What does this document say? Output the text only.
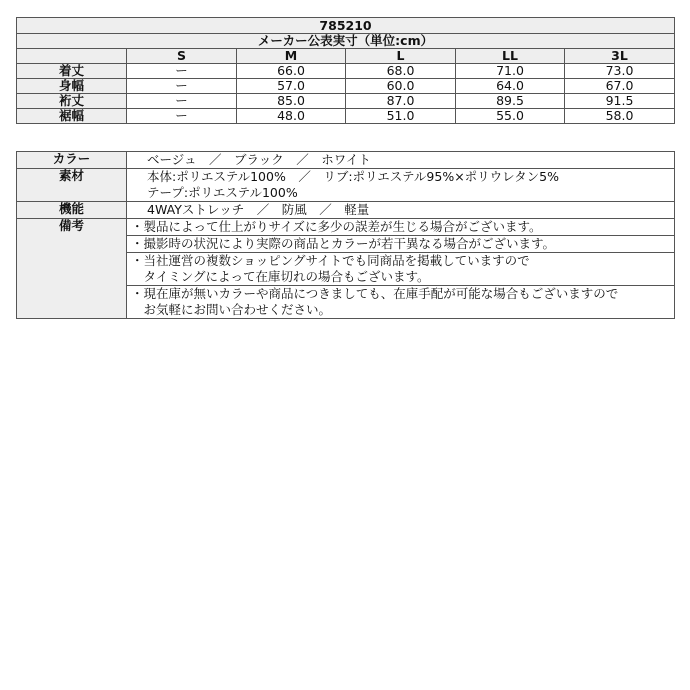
785210					
メーカー公表実寸（単位:cm）					
	S	M	L	LL	3L
着丈	ー	66.0	68.0	71.0	73.0
身幅	ー	57.0	60.0	64.0	67.0
裄丈	ー	85.0	87.0	89.5	91.5
裾幅	ー	48.0	51.0	55.0	58.0
カラー	ベージュ　／　ブラック　／　ホワイト

素材	本体:ポリエステル100%　／　リブ:ポリエステル95%×ポリウレタン5%
テープ:ポリエステル100%

機能	4WAYストレッチ　／　防風　／　軽量

備考	・製品によって仕上がりサイズに多少の誤差が生じる場合がございます。

	・撮影時の状況により実際の商品とカラーが若干異なる場合がございます。

	・当社運営の複数ショッピングサイトでも同商品を掲載していますので
　タイミングによって在庫切れの場合もございます。

	・現在庫が無いカラーや商品につきましても、在庫手配が可能な場合もございますので
　お気軽にお問い合わせください。
